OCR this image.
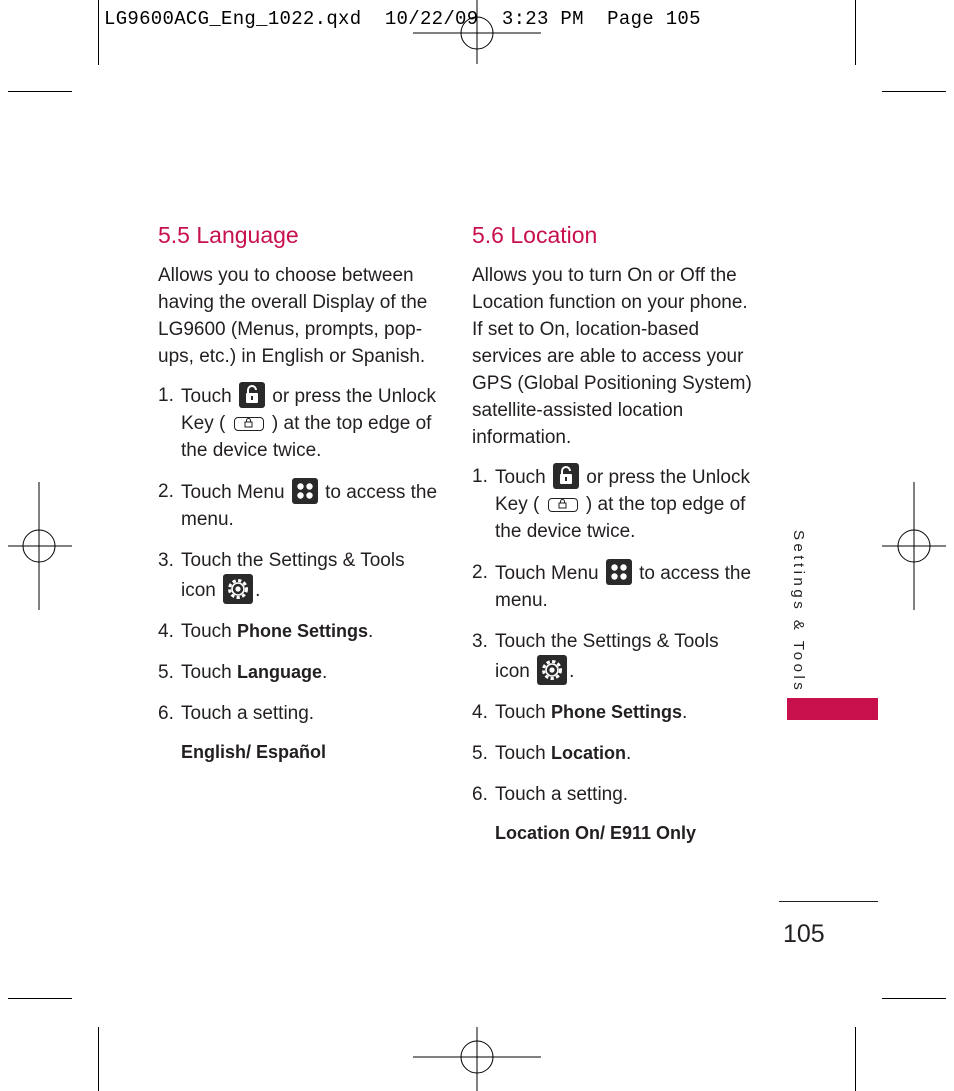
LG9600ACG_Eng_1022.qxd  10/22/09  3:23 PM  Page 105
5.5 Language

Allows you to choose between having the overall Display of the LG9600 (Menus, prompts, pop-ups, etc.) in English or Spanish.

1. Touch or press the Unlock Key ( ) at the top edge of the device twice.
2. Touch Menu to access the menu.
3. Touch the Settings & Tools icon .
4. Touch Phone Settings.
5. Touch Language.
6. Touch a setting.
English/ Español
5.6 Location

Allows you to turn On or Off the Location function on your phone. If set to On, location-based services are able to access your GPS (Global Positioning System) satellite-assisted location information.

1. Touch or press the Unlock Key ( ) at the top edge of the device twice.
2. Touch Menu to access the menu.
3. Touch the Settings & Tools icon .
4. Touch Phone Settings.
5. Touch Location.
6. Touch a setting.
Location On/ E911 Only
Settings & Tools
105
